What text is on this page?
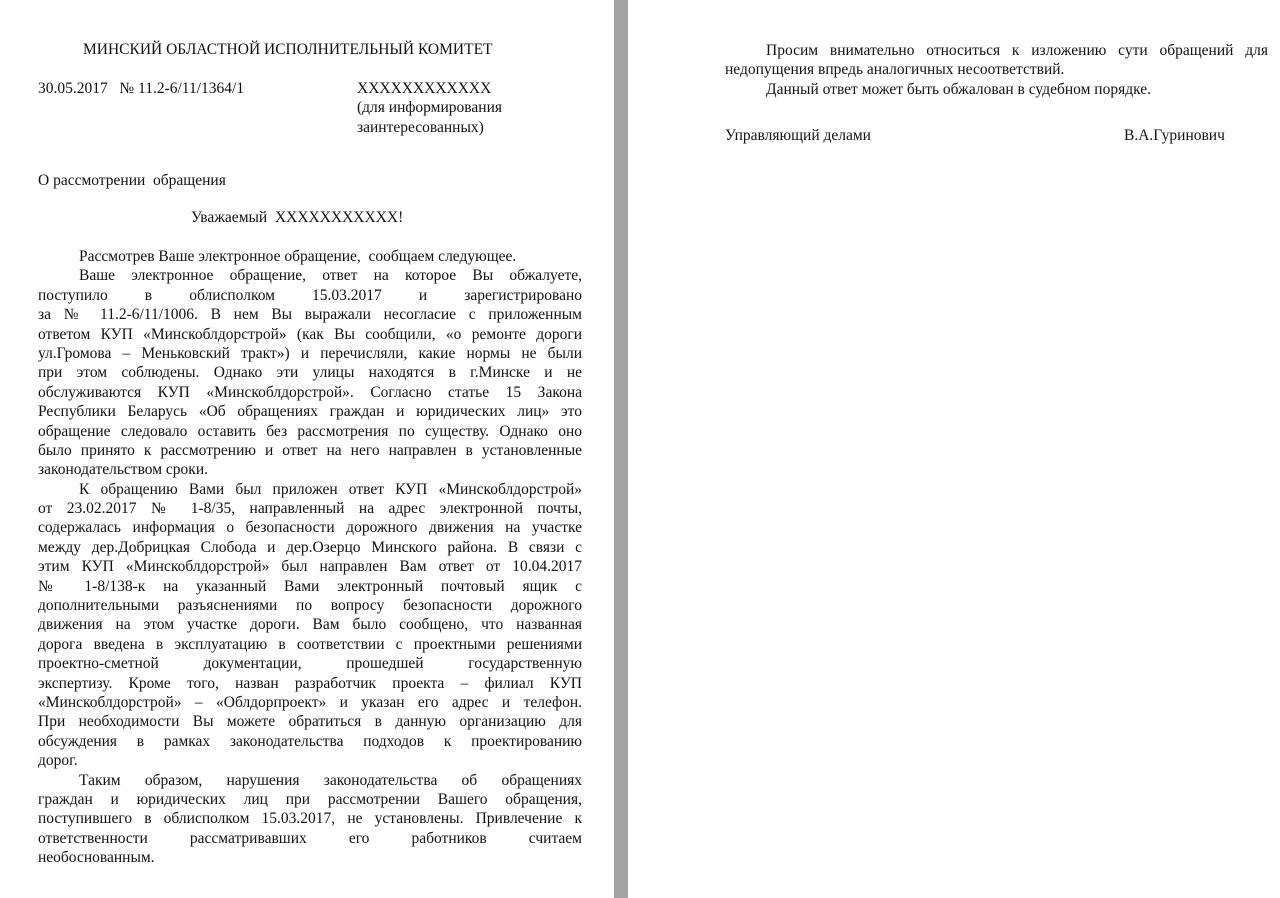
МИНСКИЙ ОБЛАСТНОЙ ИСПОЛНИТЕЛЬНЫЙ КОМИТЕТ
30.05.2017   № 11.2-6/11/1364/1	XXXXXXXXXXXX
(для информирования
заинтересованных)
О рассмотрении  обращения
Уважаемый  XXXXXXXXXXX!
Рассмотрев Ваше электронное обращение,  сообщаем следующее.
Ваше электронное обращение, ответ на которое Вы обжалуете,
поступило в облисполком 15.03.2017 и зарегистрировано
за № 11.2-6/11/1006. В нем Вы выражали несогласие с приложенным
ответом КУП «Минскоблдорстрой» (как Вы сообщили, «о ремонте дороги
ул.Громова – Меньковский тракт») и перечисляли, какие нормы не были
при этом соблюдены. Однако эти улицы находятся в г.Минске и не
обслуживаются КУП «Минскоблдорстрой». Согласно статье 15 Закона
Республики Беларусь «Об обращениях граждан и юридических лиц» это
обращение следовало оставить без рассмотрения по существу. Однако оно
было принято к рассмотрению и ответ на него направлен в установленные
законодательством сроки.
К обращению Вами был приложен ответ КУП «Минскоблдорстрой»
от 23.02.2017 № 1-8/35, направленный на адрес электронной почты,
содержалась информация о безопасности дорожного движения на участке
между дер.Добрицкая Слобода и дер.Озерцо Минского района. В связи с
этим КУП «Минскоблдорстрой» был направлен Вам ответ от 10.04.2017
№ 1-8/138-к на указанный Вами электронный почтовый ящик с
дополнительными разъяснениями по вопросу безопасности дорожного
движения на этом участке дороги. Вам было сообщено, что названная
дорога введена в эксплуатацию в соответствии с проектными решениями
проектно-сметной документации, прошедшей государственную
экспертизу. Кроме того, назван разработчик проекта – филиал КУП
«Минскоблдорстрой» – «Облдорпроект» и указан его адрес и телефон.
При необходимости Вы можете обратиться в данную организацию для
обсуждения в рамках законодательства подходов к проектированию
дорог.
Таким образом, нарушения законодательства об обращениях
граждан и юридических лиц при рассмотрении Вашего обращения,
поступившего в облисполком 15.03.2017, не установлены. Привлечение к
ответственности рассматривавших его работников считаем
необоснованным.
Просим внимательно относиться к изложению сути обращений для
недопущения впредь аналогичных несоответствий.
Данный ответ может быть обжалован в судебном порядке.
Управляющий делами	В.А.Гуринович
